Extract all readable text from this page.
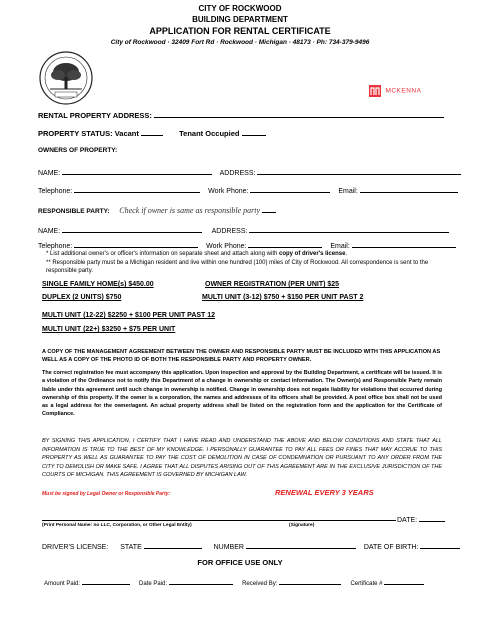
CITY OF ROCKWOOD
BUILDING DEPARTMENT
APPLICATION FOR RENTAL CERTIFICATE
City of Rockwood · 32409 Fort Rd · Rockwood · Michigan · 48173 · Ph: 734-379-9496
MCKENNA
RENTAL PROPERTY ADDRESS:
PROPERTY STATUS: Vacant	Tenant Occupied
OWNERS OF PROPERTY:
NAME:	ADDRESS:
Telephone:	Work Phone:	Email:
RESPONSIBLE PARTY: Check if owner is same as responsible party
NAME:	ADDRESS:
Telephone:	Work Phone:	Email:
* List additional owner's or officer's information on separate sheet and attach along with copy of driver's license.
** Responsible party must be a Michigan resident and live within one hundred (100) miles of City of Rockwood. All correspondence is sent to the responsible party.
SINGLE FAMILY HOME(s) $450.00	OWNER REGISTRATION (PER UNIT) $25
DUPLEX (2 UNITS) $750	MULTI UNIT (3-12) $750 + $150 PER UNIT PAST 2
MULTI UNIT (12-22) $2250 + $100 PER UNIT PAST 12
MULTI UNIT (22+) $3250 + $75 PER UNIT
A COPY OF THE MANAGEMENT AGREEMENT BETWEEN THE OWNER AND RESPONSIBLE PARTY MUST BE INCLUDED WITH THIS APPLICATION AS WELL AS A COPY OF THE PHOTO ID OF BOTH THE RESPONSIBLE PARTY AND PROPERTY OWNER.
The correct registration fee must accompany this application. Upon inspection and approval by the Building Department, a certificate will be issued. It is a violation of the Ordinance not to notify this Department of a change in ownership or contact information. The Owner(s) and Responsible Party remain liable under this agreement until such change in ownership is notified. Change in ownership does not negate liability for violations that occurred during ownership of this property. If the owner is a corporation, the names and addresses of its officers shall be provided. A post office box shall not be used as a legal address for the owner/agent. An actual property address shall be listed on the registration form and the application for the Certificate of Compliance.
BY SIGNING THIS APPLICATION, I CERTIFY THAT I HAVE READ AND UNDERSTAND THE ABOVE AND BELOW CONDITIONS AND STATE THAT ALL INFORMATION IS TRUE TO THE BEST OF MY KNOWLEDGE. I PERSONALLY GUARANTEE TO PAY ALL FEES OR FINES THAT MAY ACCRUE TO THIS PROPERTY AS WELL AS GUARANTEE TO PAY THE COST OF DEMOLITION IN CASE OF CONDEMNATION OR PURSUANT TO ANY ORDER FROM THE CITY TO DEMOLISH OR MAKE SAFE. I AGREE THAT ALL DISPUTES ARISING OUT OF THIS AGREEMENT ARE IN THE EXCLUSIVE JURISDICTION OF THE COURTS OF MICHIGAN. THIS AGREEMENT IS GOVERNED BY MICHIGAN LAW.
Must be signed by Legal Owner or Responsible Party:	RENEWAL EVERY 3 YEARS
DATE:
(Print Personal Name: no LLC, Corporation, or Other Legal Entity)	(Signature)
DRIVER'S LICENSE: STATE	NUMBER	DATE OF BIRTH:
FOR OFFICE USE ONLY
Amount Paid:	Date Paid:	Received By:	Certificate #
